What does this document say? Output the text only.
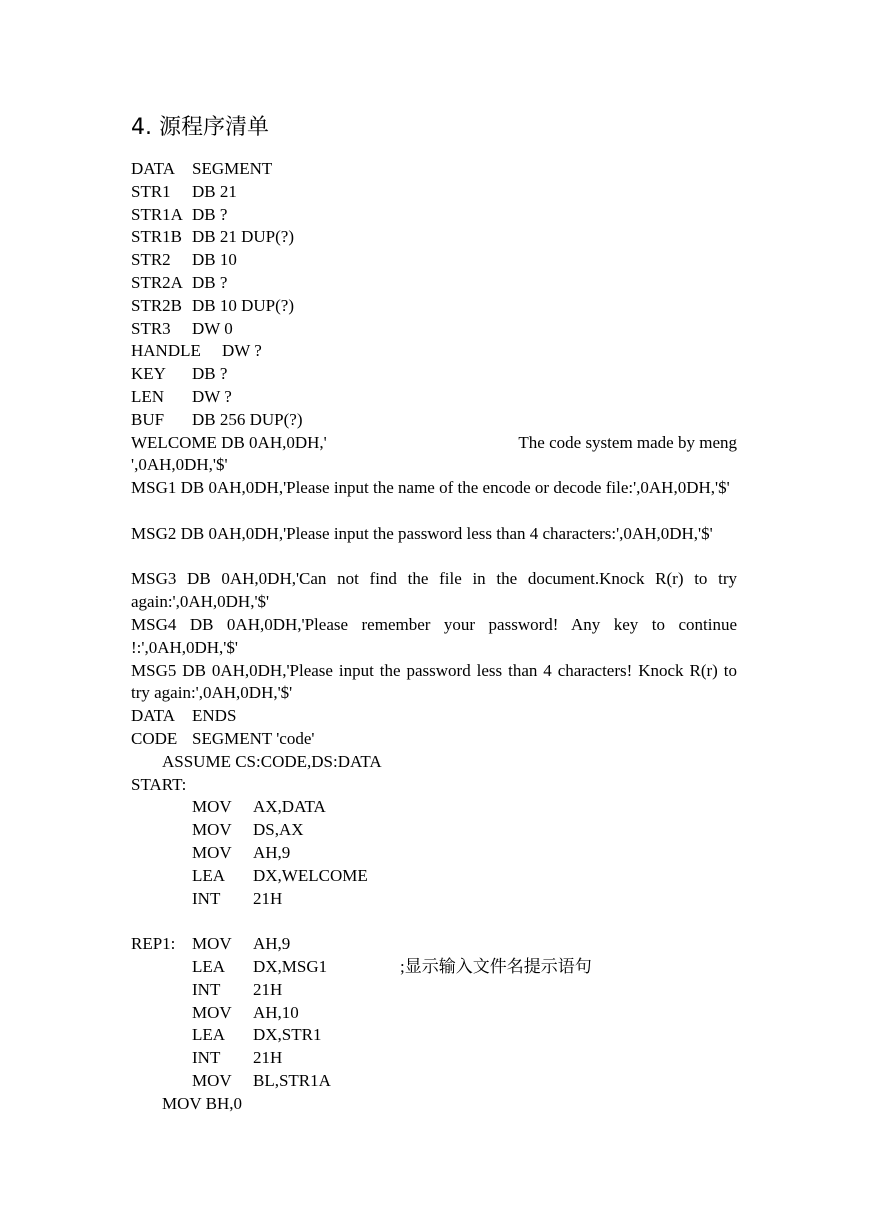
4. 源程序清单
DATA SEGMENT
STR1 DB 21
STR1A DB ?
STR1B DB 21 DUP(?)
STR2 DB 10
STR2A DB ?
STR2B DB 10 DUP(?)
STR3 DW 0
HANDLE DW ?
KEY DB ?
LEN DW ?
BUF DB 256 DUP(?)
WELCOME DB 0AH,0DH,'	The code system made by meng
',0AH,0DH,'$'
MSG1 DB 0AH,0DH,'Please input the name of the encode or decode file:',0AH,0DH,'$'
MSG2 DB 0AH,0DH,'Please input the password less than 4 characters:',0AH,0DH,'$'
MSG3 DB 0AH,0DH,'Can not find the file in the document.Knock R(r) to try again:',0AH,0DH,'$'
MSG4 DB 0AH,0DH,'Please remember your password! Any key to continue !:',0AH,0DH,'$'
MSG5 DB 0AH,0DH,'Please input the password less than 4 characters! Knock R(r) to try again:',0AH,0DH,'$'
DATA ENDS
CODE SEGMENT 'code'
ASSUME CS:CODE,DS:DATA
START:
MOV AX,DATA
MOV DS,AX
MOV AH,9
LEA DX,WELCOME
INT 21H
REP1: MOV AH,9
LEA DX,MSG1	;显示输入文件名提示语句
INT 21H
MOV AH,10
LEA DX,STR1
INT 21H
MOV BL,STR1A
MOV BH,0
